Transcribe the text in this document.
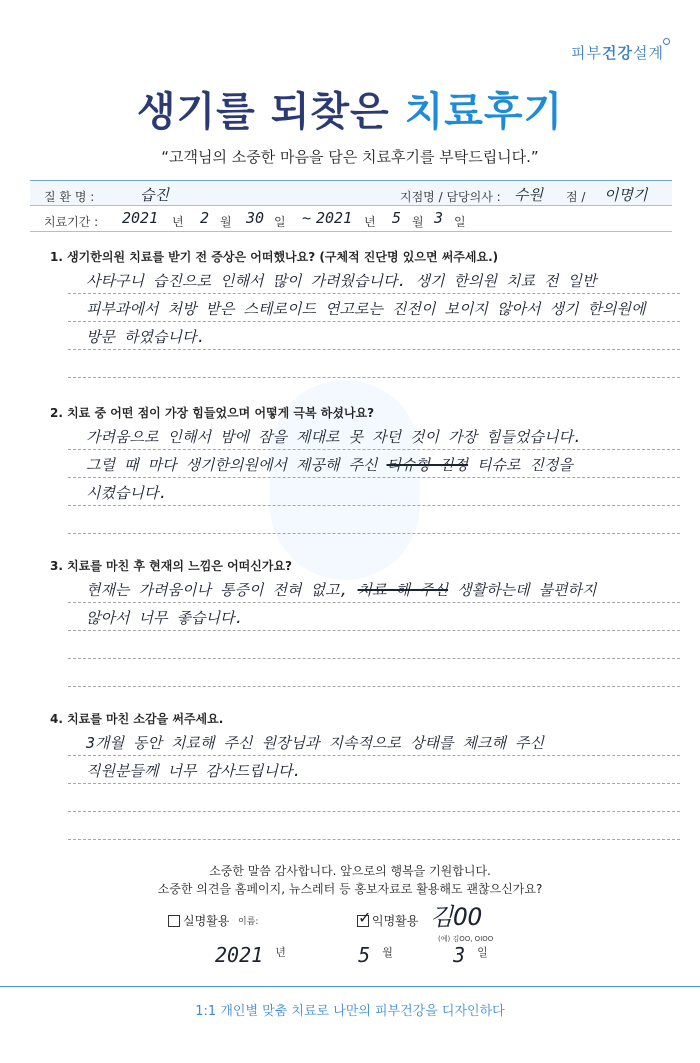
피부건강설계
생기를 되찾은 치료후기
“고객님의 소중한 마음을 담은 치료후기를 부탁드립니다.”
질 환 명 :	습진	지점명 / 담당의사 : 수원 점 / 이명기
치료기간 : 2021 년 2 월 30 일 ~ 2021 년 5 월 3 일
1. 생기한의원 치료를 받기 전 증상은 어떠했나요? (구체적 진단명 있으면 써주세요.)
사타구니 습진으로 인해서 많이 가려웠습니다. 생기 한의원 치료 전 일반
피부과에서 처방 받은 스테로이드 연고로는 진전이 보이지 않아서 생기 한의원에
방문 하였습니다.
2. 치료 중 어떤 점이 가장 힘들었으며 어떻게 극복 하셨나요?
가려움으로 인해서 밤에 잠을 제대로 못 자던 것이 가장 힘들었습니다.
그럴 때 마다 생기한의원에서 제공해 주신 티슈형 진정 티슈로 진정을
시켰습니다.
3. 치료를 마친 후 현재의 느낌은 어떠신가요?
현재는 가려움이나 통증이 전혀 없고, 치료 해 주신 생활하는데 불편하지
않아서 너무 좋습니다.
4. 치료를 마친 소감을 써주세요.
3개월 동안 치료해 주신 원장님과 지속적으로 상태를 체크해 주신
직원분들께 너무 감사드립니다.
소중한 말씀 감사합니다. 앞으로의 행복을 기원합니다.
소중한 의견을 홈페이지, 뉴스레터 등 홍보자료로 활용해도 괜찮으신가요?
실명활용 이름:	✓ 익명활용 김OO
(예) 김OO, OIOO
2021 $^년$	5 $^월$	3 $^일$
1:1 개인별 맞춤 치료로 나만의 피부건강을 디자인하다
